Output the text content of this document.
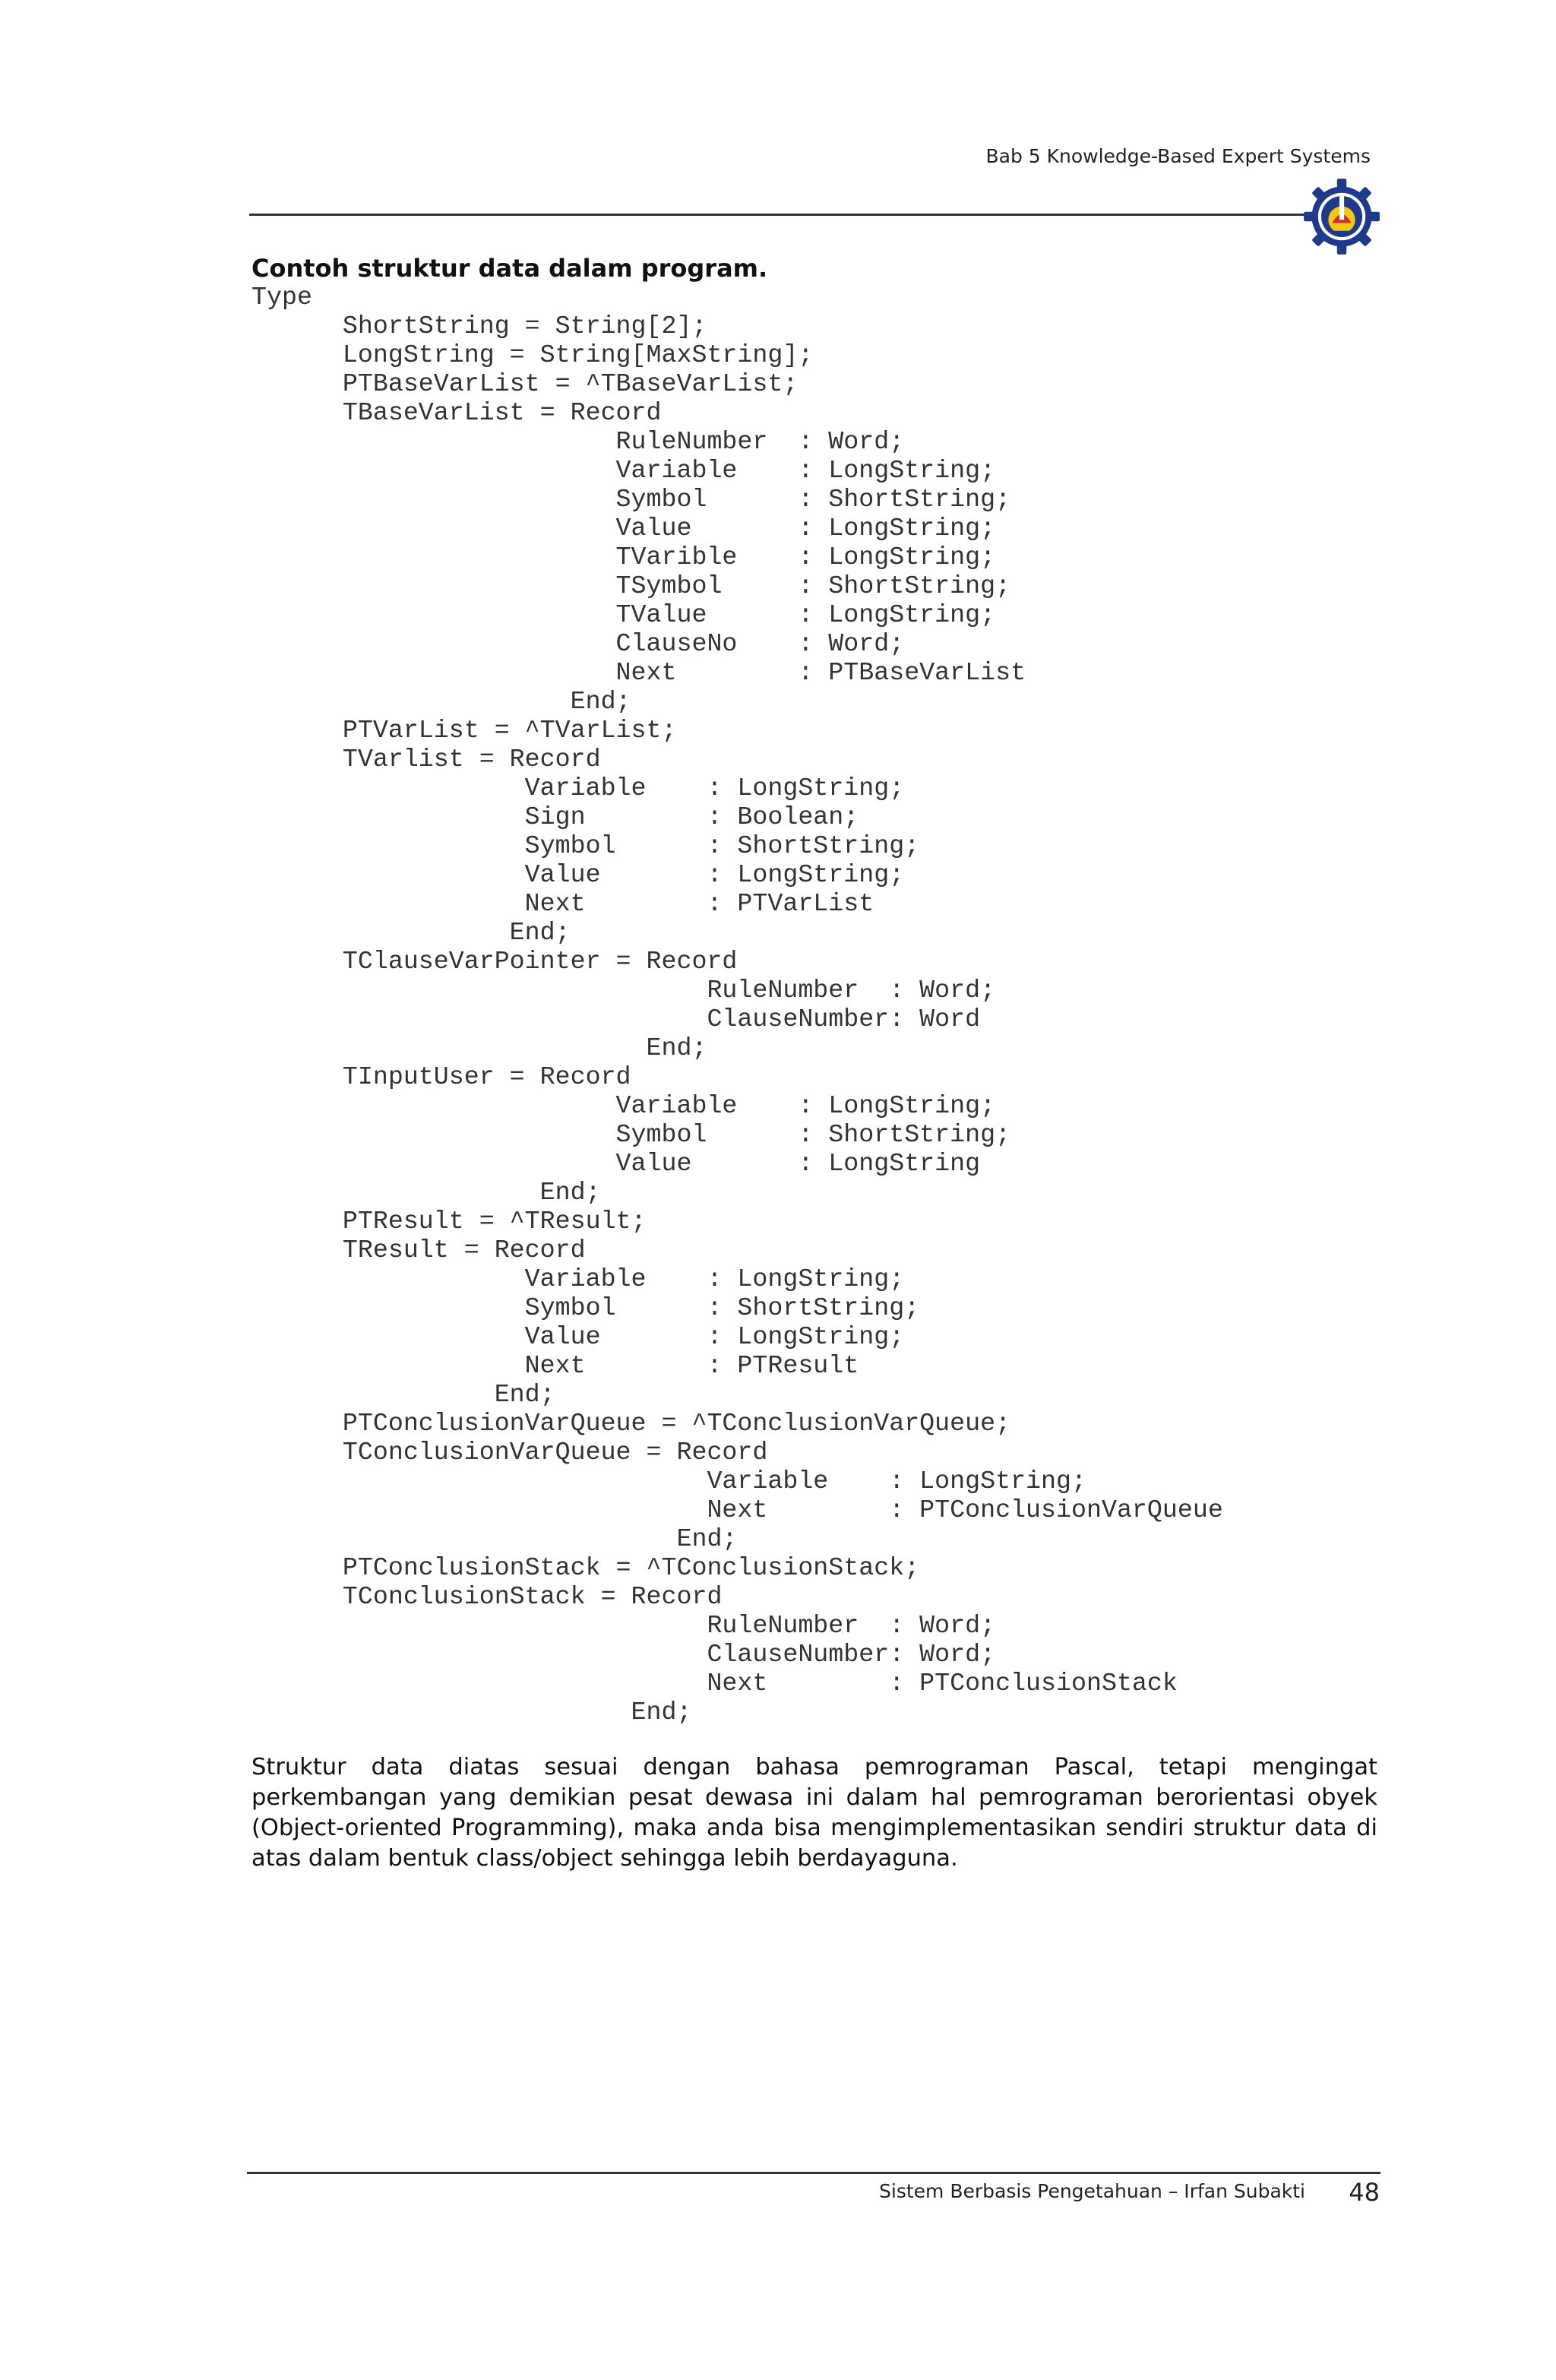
Bab 5 Knowledge-Based Expert Systems
Contoh struktur data dalam program.
Type
ShortString = String[2];
LongString = String[MaxString];
PTBaseVarList = ^TBaseVarList;
TBaseVarList = Record
RuleNumber  : Word;
Variable    : LongString;
Symbol      : ShortString;
Value       : LongString;
TVarible    : LongString;
TSymbol     : ShortString;
TValue      : LongString;
ClauseNo    : Word;
Next        : PTBaseVarList
End;
PTVarList = ^TVarList;
TVarlist = Record
Variable    : LongString;
Sign        : Boolean;
Symbol      : ShortString;
Value       : LongString;
Next        : PTVarList
End;
TClauseVarPointer = Record
RuleNumber  : Word;
ClauseNumber: Word
End;
TInputUser = Record
Variable    : LongString;
Symbol      : ShortString;
Value       : LongString
End;
PTResult = ^TResult;
TResult = Record
Variable    : LongString;
Symbol      : ShortString;
Value       : LongString;
Next        : PTResult
End;
PTConclusionVarQueue = ^TConclusionVarQueue;
TConclusionVarQueue = Record
Variable    : LongString;
Next        : PTConclusionVarQueue
End;
PTConclusionStack = ^TConclusionStack;
TConclusionStack = Record
RuleNumber  : Word;
ClauseNumber: Word;
Next        : PTConclusionStack
End;

Struktur data diatas sesuai dengan bahasa pemrograman Pascal, tetapi mengingat perkembangan yang demikian pesat dewasa ini dalam hal pemrograman berorientasi obyek (Object-oriented Programming), maka anda bisa mengimplementasikan sendiri struktur data di atas dalam bentuk class/object sehingga lebih berdayaguna.

Sistem Berbasis Pengetahuan – Irfan Subakti 48
